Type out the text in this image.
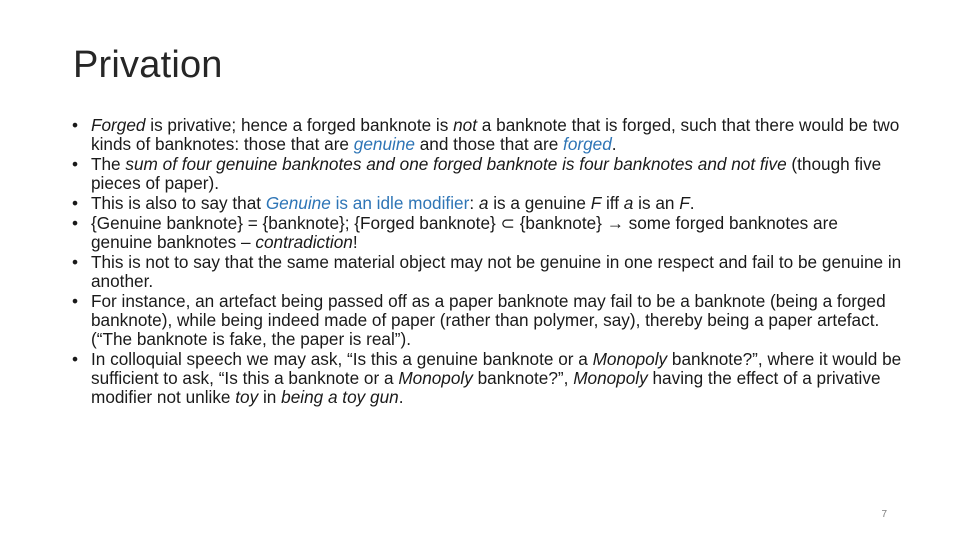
Privation
• Forged is privative; hence a forged banknote is not a banknote that is forged, such that there would be two kinds of banknotes: those that are genuine and those that are forged.
• The sum of four genuine banknotes and one forged banknote is four banknotes and not five (though five pieces of paper).
• This is also to say that Genuine is an idle modifier: a is a genuine F iff a is an F.
• {Genuine banknote} = {banknote}; {Forged banknote} ⊂ {banknote} → some forged banknotes are genuine banknotes – contradiction!
• This is not to say that the same material object may not be genuine in one respect and fail to be genuine in another.
• For instance, an artefact being passed off as a paper banknote may fail to be a banknote (being a forged banknote), while being indeed made of paper (rather than polymer, say), thereby being a paper artefact. (“The banknote is fake, the paper is real”).
• In colloquial speech we may ask, “Is this a genuine banknote or a Monopoly banknote?”, where it would be sufficient to ask, “Is this a banknote or a Monopoly banknote?”, Monopoly having the effect of a privative modifier not unlike toy in being a toy gun.
7
